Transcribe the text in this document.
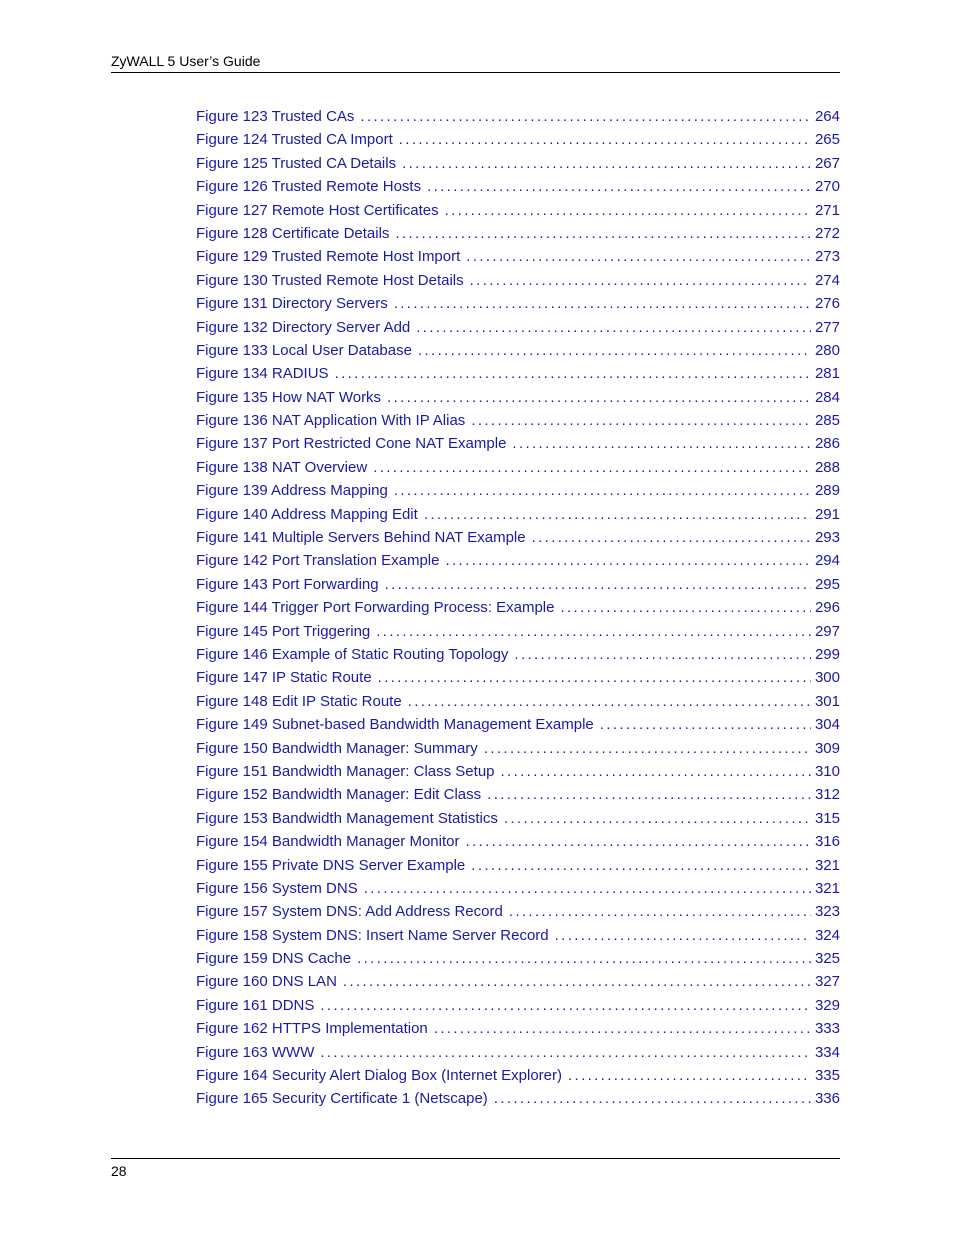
ZyWALL 5 User’s Guide
Figure 123 Trusted CAs . . .	264
Figure 124 Trusted CA Import . . .	265
Figure 125 Trusted CA Details . . .	267
Figure 126 Trusted Remote Hosts . . .	270
Figure 127 Remote Host Certificates . . .	271
Figure 128 Certificate Details . . .	272
Figure 129 Trusted Remote Host Import . . .	273
Figure 130 Trusted Remote Host Details . . .	274
Figure 131 Directory Servers . . .	276
Figure 132 Directory Server Add . . .	277
Figure 133 Local User Database . . .	280
Figure 134 RADIUS . . .	281
Figure 135 How NAT Works . . .	284
Figure 136 NAT Application With IP Alias . . .	285
Figure 137 Port Restricted Cone NAT Example . . .	286
Figure 138 NAT Overview . . .	288
Figure 139 Address Mapping . . .	289
Figure 140 Address Mapping Edit . . .	291
Figure 141 Multiple Servers Behind NAT Example . . .	293
Figure 142 Port Translation Example . . .	294
Figure 143 Port Forwarding . . .	295
Figure 144 Trigger Port Forwarding Process: Example . . .	296
Figure 145 Port Triggering . . .	297
Figure 146 Example of Static Routing Topology . . .	299
Figure 147 IP Static Route . . .	300
Figure 148 Edit IP Static Route . . .	301
Figure 149 Subnet-based Bandwidth Management Example . . .	304
Figure 150 Bandwidth Manager: Summary . . .	309
Figure 151 Bandwidth Manager: Class Setup . . .	310
Figure 152 Bandwidth Manager: Edit Class . . .	312
Figure 153 Bandwidth Management Statistics . . .	315
Figure 154 Bandwidth Manager Monitor . . .	316
Figure 155 Private DNS Server Example . . .	321
Figure 156 System DNS . . .	321
Figure 157 System DNS: Add Address Record . . .	323
Figure 158 System DNS: Insert Name Server Record . . .	324
Figure 159 DNS Cache . . .	325
Figure 160 DNS LAN . . .	327
Figure 161 DDNS . . .	329
Figure 162 HTTPS Implementation . . .	333
Figure 163 WWW . . .	334
Figure 164 Security Alert Dialog Box (Internet Explorer) . . .	335
Figure 165 Security Certificate 1 (Netscape) . . .	336
28
